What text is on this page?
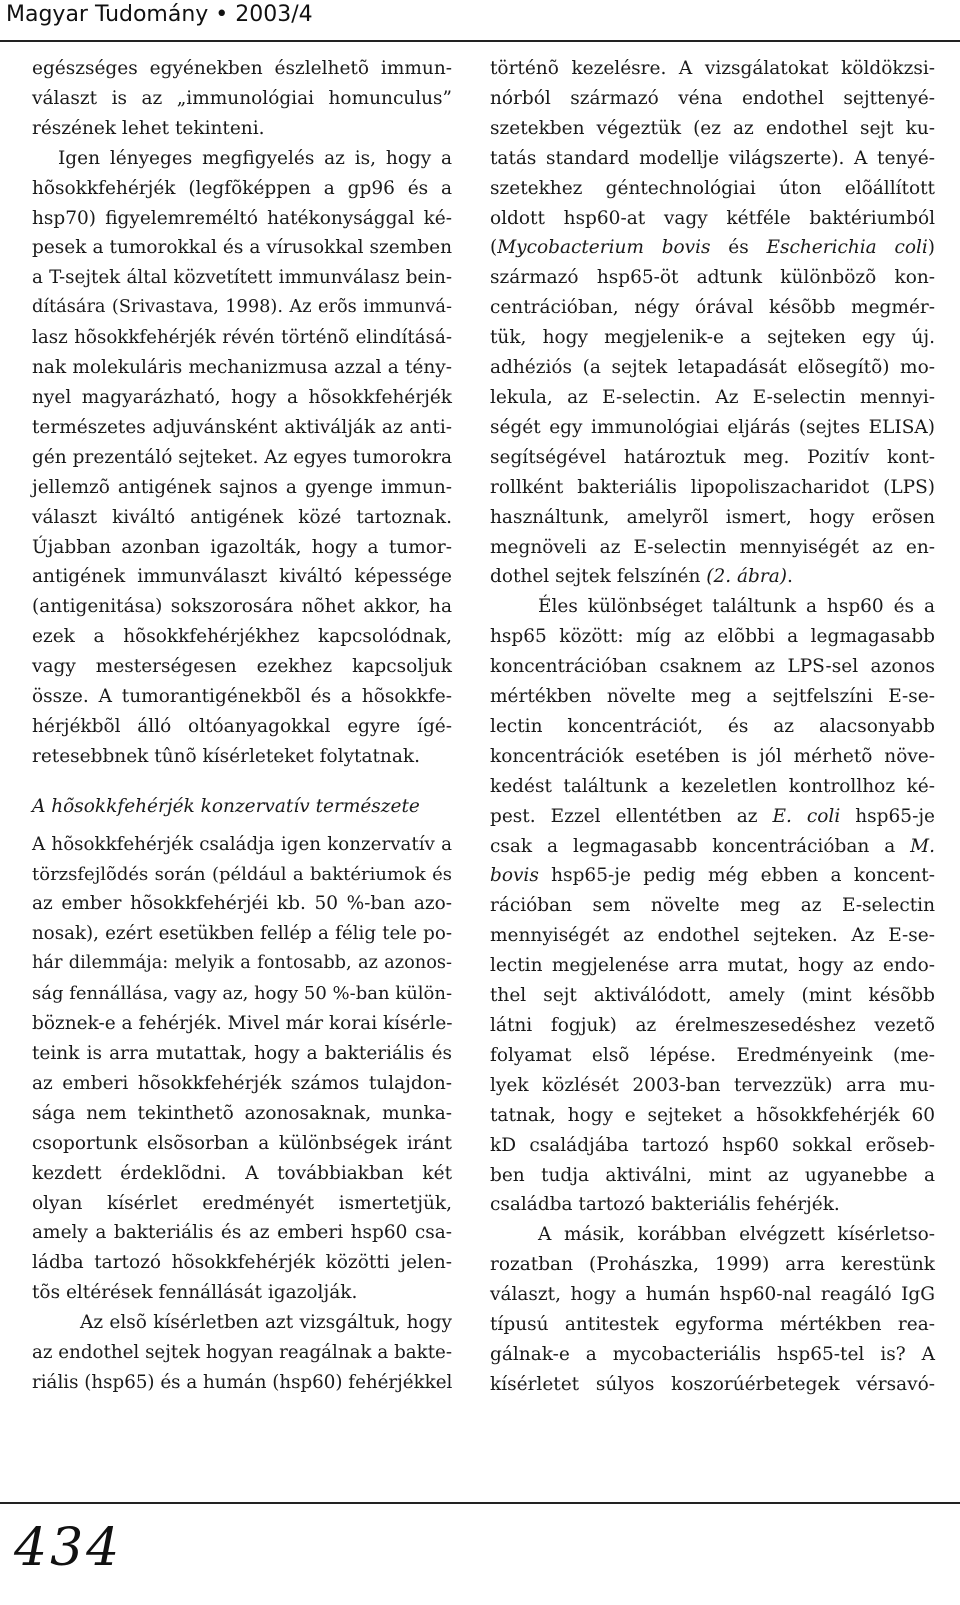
Magyar Tudomány • 2003/4
egészséges egyénekben észlelhetõ immun-
választ is az „immunológiai homunculus”
részének lehet tekinteni.
Igen lényeges megfigyelés az is, hogy a
hõsokkfehérjék (legfõképpen a gp96 és a
hsp70) figyelemreméltó hatékonysággal ké-
pesek a tumorokkal és a vírusokkal szemben
a T-sejtek által közvetített immunválasz bein-
dítására (Srivastava, 1998). Az erõs immunvá-
lasz hõsokkfehérjék révén történõ elindításá-
nak molekuláris mechanizmusa azzal a tény-
nyel magyarázható, hogy a hõsokkfehérjék
természetes adjuvánsként aktiválják az anti-
gén prezentáló sejteket. Az egyes tumorokra
jellemzõ antigének sajnos a gyenge immun-
választ kiváltó antigének közé tartoznak.
Újabban azonban igazolták, hogy a tumor-
antigének immunválaszt kiváltó képessége
(antigenitása) sokszorosára nõhet akkor, ha
ezek a hõsokkfehérjékhez kapcsolódnak,
vagy mesterségesen ezekhez kapcsoljuk
össze. A tumorantigénekbõl és a hõsokkfe-
hérjékbõl álló oltóanyagokkal egyre ígé-
retesebbnek tûnõ kísérleteket folytatnak.
A hõsokkfehérjék konzervatív természete
A hõsokkfehérjék családja igen konzervatív a
törzsfejlõdés során (például a baktériumok és
az ember hõsokkfehérjéi kb. 50 %-ban azo-
nosak), ezért esetükben fellép a félig tele po-
hár dilemmája: melyik a fontosabb, az azonos-
ság fennállása, vagy az, hogy 50 %-ban külön-
böznek-e a fehérjék. Mivel már korai kísérle-
teink is arra mutattak, hogy a bakteriális és
az emberi hõsokkfehérjék számos tulajdon-
sága nem tekinthetõ azonosaknak, munka-
csoportunk elsõsorban a különbségek iránt
kezdett érdeklõdni. A továbbiakban két
olyan kísérlet eredményét ismertetjük,
amely a bakteriális és az emberi hsp60 csa-
ládba tartozó hõsokkfehérjék közötti jelen-
tõs eltérések fennállását igazolják.
Az elsõ kísérletben azt vizsgáltuk, hogy
az endothel sejtek hogyan reagálnak a bakte-
riális (hsp65) és a humán (hsp60) fehérjékkel
történõ kezelésre. A vizsgálatokat köldökzsi-
nórból származó véna endothel sejttenyé-
szetekben végeztük (ez az endothel sejt ku-
tatás standard modellje világszerte). A tenyé-
szetekhez géntechnológiai úton elõállított
oldott hsp60-at vagy kétféle baktériumból
(Mycobacterium bovis és Escherichia coli)
származó hsp65-öt adtunk különbözõ kon-
centrációban, négy órával késõbb megmér-
tük, hogy megjelenik-e a sejteken egy új.
adhéziós (a sejtek letapadását elõsegítõ) mo-
lekula, az E-selectin. Az E-selectin mennyi-
ségét egy immunológiai eljárás (sejtes ELISA)
segítségével határoztuk meg. Pozitív kont-
rollként bakteriális lipopoliszacharidot (LPS)
használtunk, amelyrõl ismert, hogy erõsen
megnöveli az E-selectin mennyiségét az en-
dothel sejtek felszínén (2. ábra).
Éles különbséget találtunk a hsp60 és a
hsp65 között: míg az elõbbi a legmagasabb
koncentrációban csaknem az LPS-sel azonos
mértékben növelte meg a sejtfelszíni E-se-
lectin koncentrációt, és az alacsonyabb
koncentrációk esetében is jól mérhetõ növe-
kedést találtunk a kezeletlen kontrollhoz ké-
pest. Ezzel ellentétben az E. coli hsp65-je
csak a legmagasabb koncentrációban a M.
bovis hsp65-je pedig még ebben a koncent-
rációban sem növelte meg az E-selectin
mennyiségét az endothel sejteken. Az E-se-
lectin megjelenése arra mutat, hogy az endo-
thel sejt aktiválódott, amely (mint késõbb
látni fogjuk) az érelmeszesedéshez vezetõ
folyamat elsõ lépése. Eredményeink (me-
lyek közlését 2003-ban tervezzük) arra mu-
tatnak, hogy e sejteket a hõsokkfehérjék 60
kD családjába tartozó hsp60 sokkal erõseb-
ben tudja aktiválni, mint az ugyanebbe a
családba tartozó bakteriális fehérjék.
A másik, korábban elvégzett kísérletso-
rozatban (Prohászka, 1999) arra kerestünk
választ, hogy a humán hsp60-nal reagáló IgG
típusú antitestek egyforma mértékben rea-
gálnak-e a mycobacteriális hsp65-tel is? A
kísérletet súlyos koszorúérbetegek vérsavó-
434
